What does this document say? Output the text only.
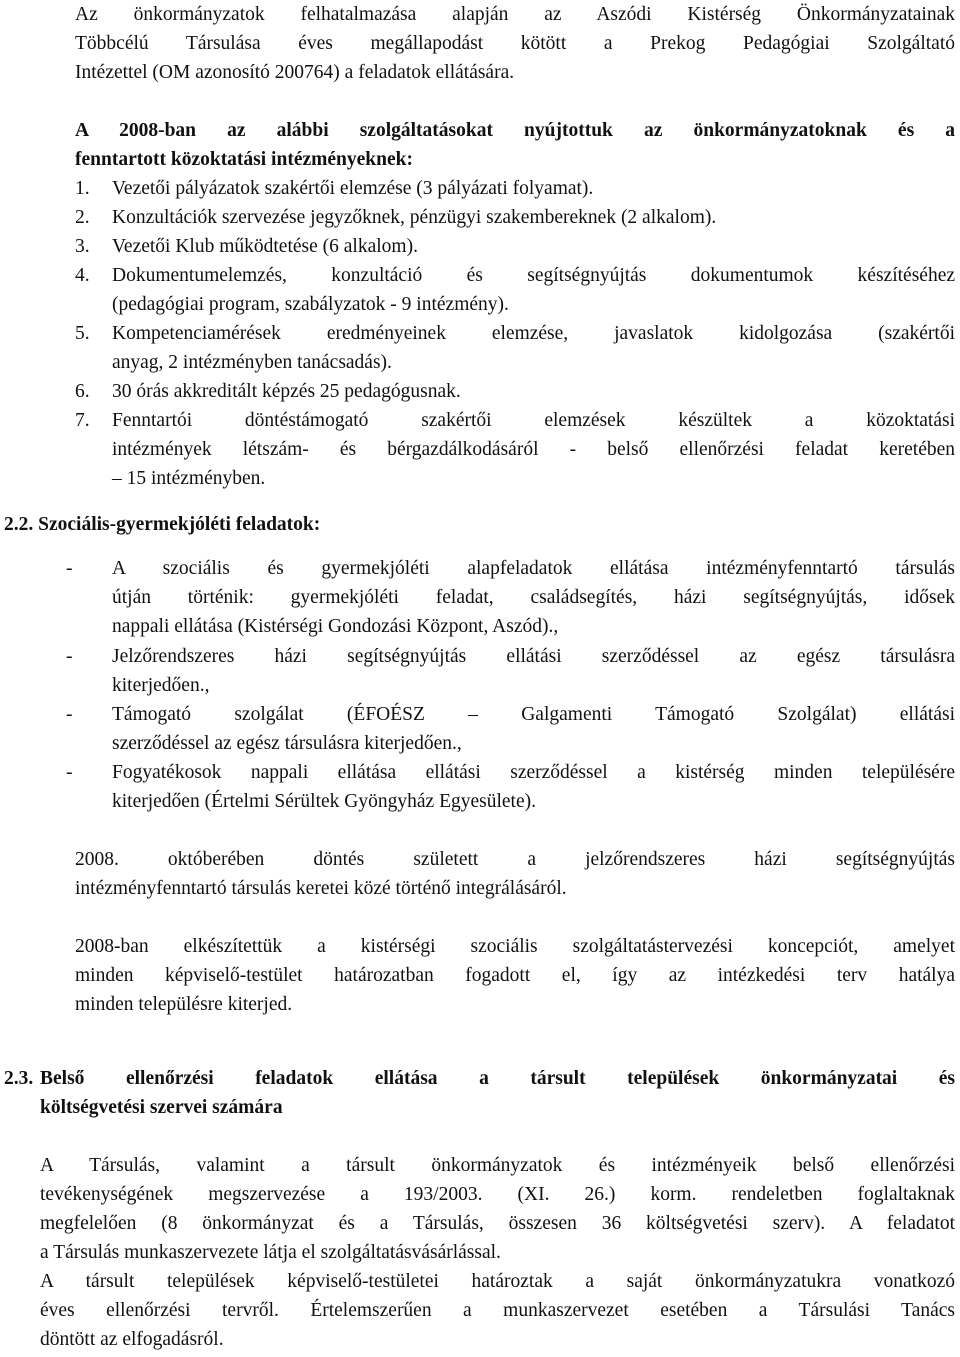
Az önkormányzatok felhatalmazása alapján az Aszódi Kistérség Önkormányzatainak
Többcélú Társulása éves megállapodást kötött a Prekog Pedagógiai Szolgáltató
Intézettel (OM azonosító 200764) a feladatok ellátására.
A 2008-ban az alábbi szolgáltatásokat nyújtottuk az önkormányzatoknak és a
fenntartott közoktatási intézményeknek:
1. Vezetői pályázatok szakértői elemzése (3 pályázati folyamat).
2. Konzultációk szervezése jegyzőknek, pénzügyi szakembereknek (2 alkalom).
3. Vezetői Klub működtetése (6 alkalom).
4. Dokumentumelemzés, konzultáció és segítségnyújtás dokumentumok készítéséhez
(pedagógiai program, szabályzatok - 9 intézmény).
5. Kompetenciamérések eredményeinek elemzése, javaslatok kidolgozása (szakértői
anyag, 2 intézményben tanácsadás).
6. 30 órás akkreditált képzés 25 pedagógusnak.
7. Fenntartói döntéstámogató szakértői elemzések készültek a közoktatási
intézmények létszám- és bérgazdálkodásáról - belső ellenőrzési feladat keretében
– 15 intézményben.
2.2. Szociális-gyermekjóléti feladatok:
- A szociális és gyermekjóléti alapfeladatok ellátása intézményfenntartó társulás
útján történik: gyermekjóléti feladat, családsegítés, házi segítségnyújtás, idősek
nappali ellátása (Kistérségi Gondozási Központ, Aszód).,
- Jelzőrendszeres házi segítségnyújtás ellátási szerződéssel az egész társulásra
kiterjedően.,
- Támogató szolgálat (ÉFOÉSZ – Galgamenti Támogató Szolgálat) ellátási
szerződéssel az egész társulásra kiterjedően.,
- Fogyatékosok nappali ellátása ellátási szerződéssel a kistérség minden településére
kiterjedően (Értelmi Sérültek Gyöngyház Egyesülete).
2008. októberében döntés született a jelzőrendszeres házi segítségnyújtás
intézményfenntartó társulás keretei közé történő integrálásáról.
2008-ban elkészítettük a kistérségi szociális szolgáltatástervezési koncepciót, amelyet
minden képviselő-testület határozatban fogadott el, így az intézkedési terv hatálya
minden településre kiterjed.
2.3. Belső ellenőrzési feladatok ellátása a társult települések önkormányzatai és
költségvetési szervei számára
A Társulás, valamint a társult önkormányzatok és intézményeik belső ellenőrzési
tevékenységének megszervezése a 193/2003. (XI. 26.) korm. rendeletben foglaltaknak
megfelelően (8 önkormányzat és a Társulás, összesen 36 költségvetési szerv). A feladatot
a Társulás munkaszervezete látja el szolgáltatásvásárlással.
A társult települések képviselő-testületei határoztak a saját önkormányzatukra vonatkozó
éves ellenőrzési tervről. Értelemszerűen a munkaszervezet esetében a Társulási Tanács
döntött az elfogadásról.
